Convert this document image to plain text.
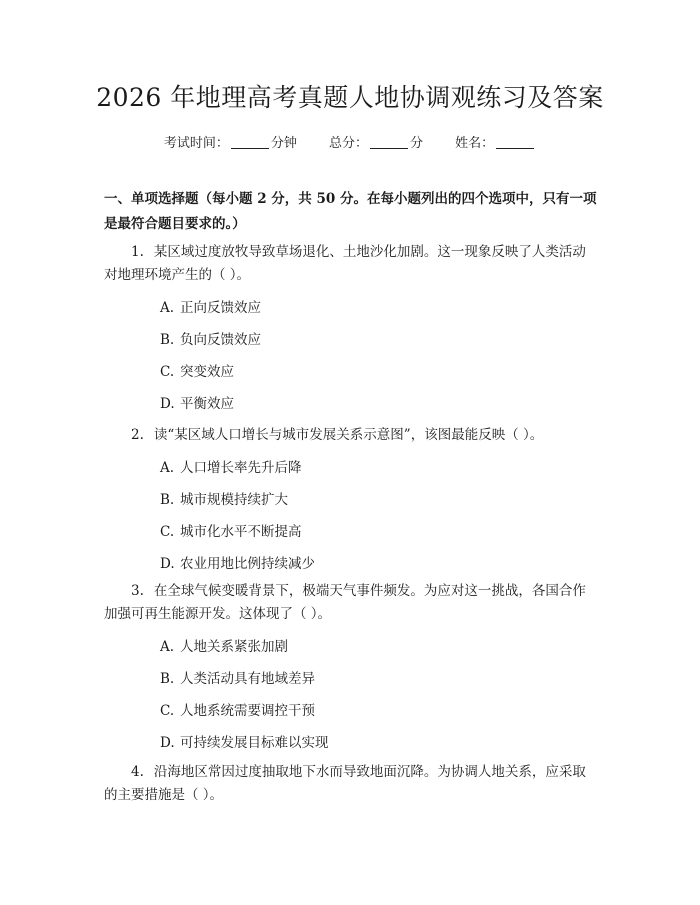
2026 年地理高考真题人地协调观练习及答案
考试时间：	分钟 总分：	分 姓名：
一、单项选择题（每小题 2 分，共 50 分。在每小题列出的四个选项中，只有一项
是最符合题目要求的。）
1. 某区域过度放牧导致草场退化、土地沙化加剧。这一现象反映了人类活动
对地理环境产生的（ ）。
A. 正向反馈效应
B. 负向反馈效应
C. 突变效应
D. 平衡效应
2. 读“某区域人口增长与城市发展关系示意图”，该图最能反映（ ）。
A. 人口增长率先升后降
B. 城市规模持续扩大
C. 城市化水平不断提高
D. 农业用地比例持续减少
3. 在全球气候变暖背景下，极端天气事件频发。为应对这一挑战，各国合作
加强可再生能源开发。这体现了（ ）。
A. 人地关系紧张加剧
B. 人类活动具有地域差异
C. 人地系统需要调控干预
D. 可持续发展目标难以实现
4. 沿海地区常因过度抽取地下水而导致地面沉降。为协调人地关系，应采取
的主要措施是（ ）。
